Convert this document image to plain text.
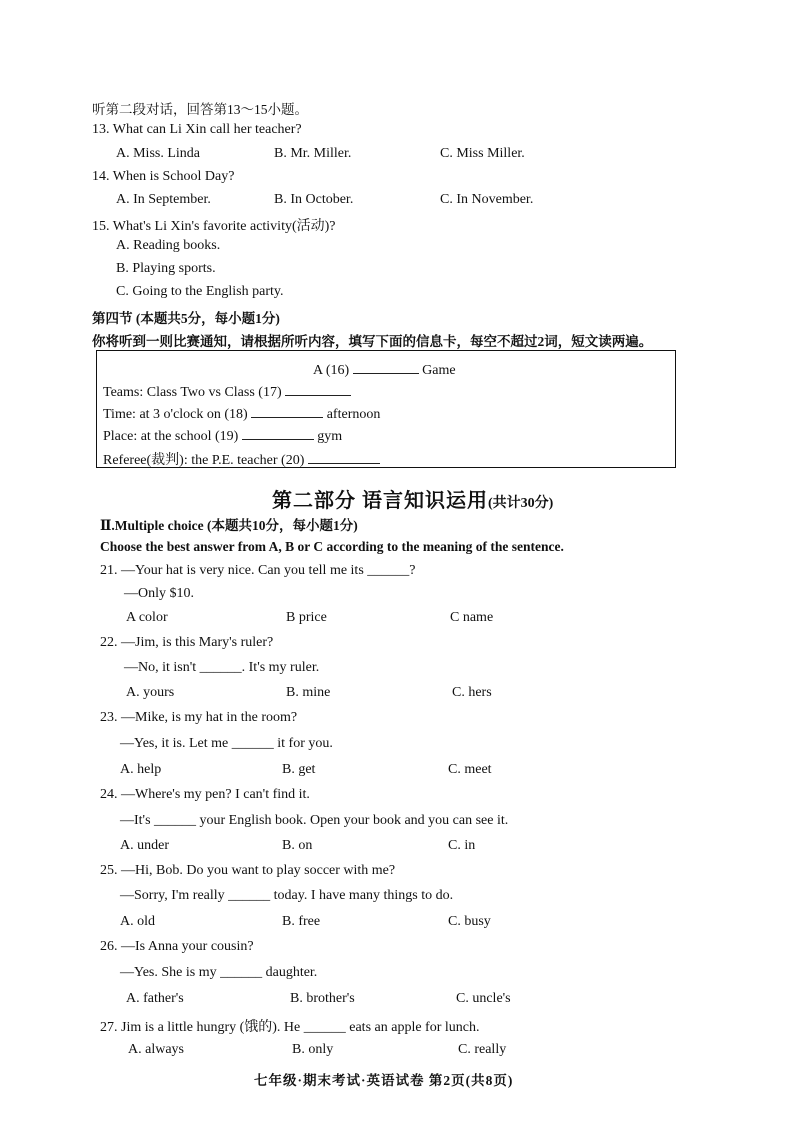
听第二段对话，回答第13～15小题。
13. What can Li Xin call her teacher?
A. Miss. Linda	B. Mr. Miller.	C. Miss Miller.
14. When is School Day?
A. In September.	B. In October.	C. In November.
15. What's Li Xin's favorite activity(活动)?
A. Reading books.
B. Playing sports.
C. Going to the English party.
第四节 (本题共5分，每小题1分)
你将听到一则比赛通知，请根据所听内容，填写下面的信息卡，每空不超过2词，短文读两遍。
A (16)	Game
Teams: Class Two vs Class (17)
Time: at 3 o'clock on (18)	afternoon
Place: at the school (19)	gym
Referee(裁判): the P.E. teacher (20)
第二部分 语言知识运用(共计30分)
Ⅱ.Multiple choice (本题共10分，每小题1分)
Choose the best answer from A, B or C according to the meaning of the sentence.
21. —Your hat is very nice. Can you tell me its ______?
—Only $10.
A color	B price	C name
22. —Jim, is this Mary's ruler?
—No, it isn't ______. It's my ruler.
A. yours	B. mine	C. hers
23. —Mike, is my hat in the room?
—Yes, it is. Let me ______ it for you.
A. help	B. get	C. meet
24. —Where's my pen? I can't find it.
—It's ______ your English book. Open your book and you can see it.
A. under	B. on	C. in
25. —Hi, Bob. Do you want to play soccer with me?
—Sorry, I'm really ______ today. I have many things to do.
A. old	B. free	C. busy
26. —Is Anna your cousin?
—Yes. She is my ______ daughter.
A. father's	B. brother's	C. uncle's
27. Jim is a little hungry (饿的). He ______ eats an apple for lunch.
A. always	B. only	C. really
七年级·期末考试·英语试卷 第2页(共8页)
